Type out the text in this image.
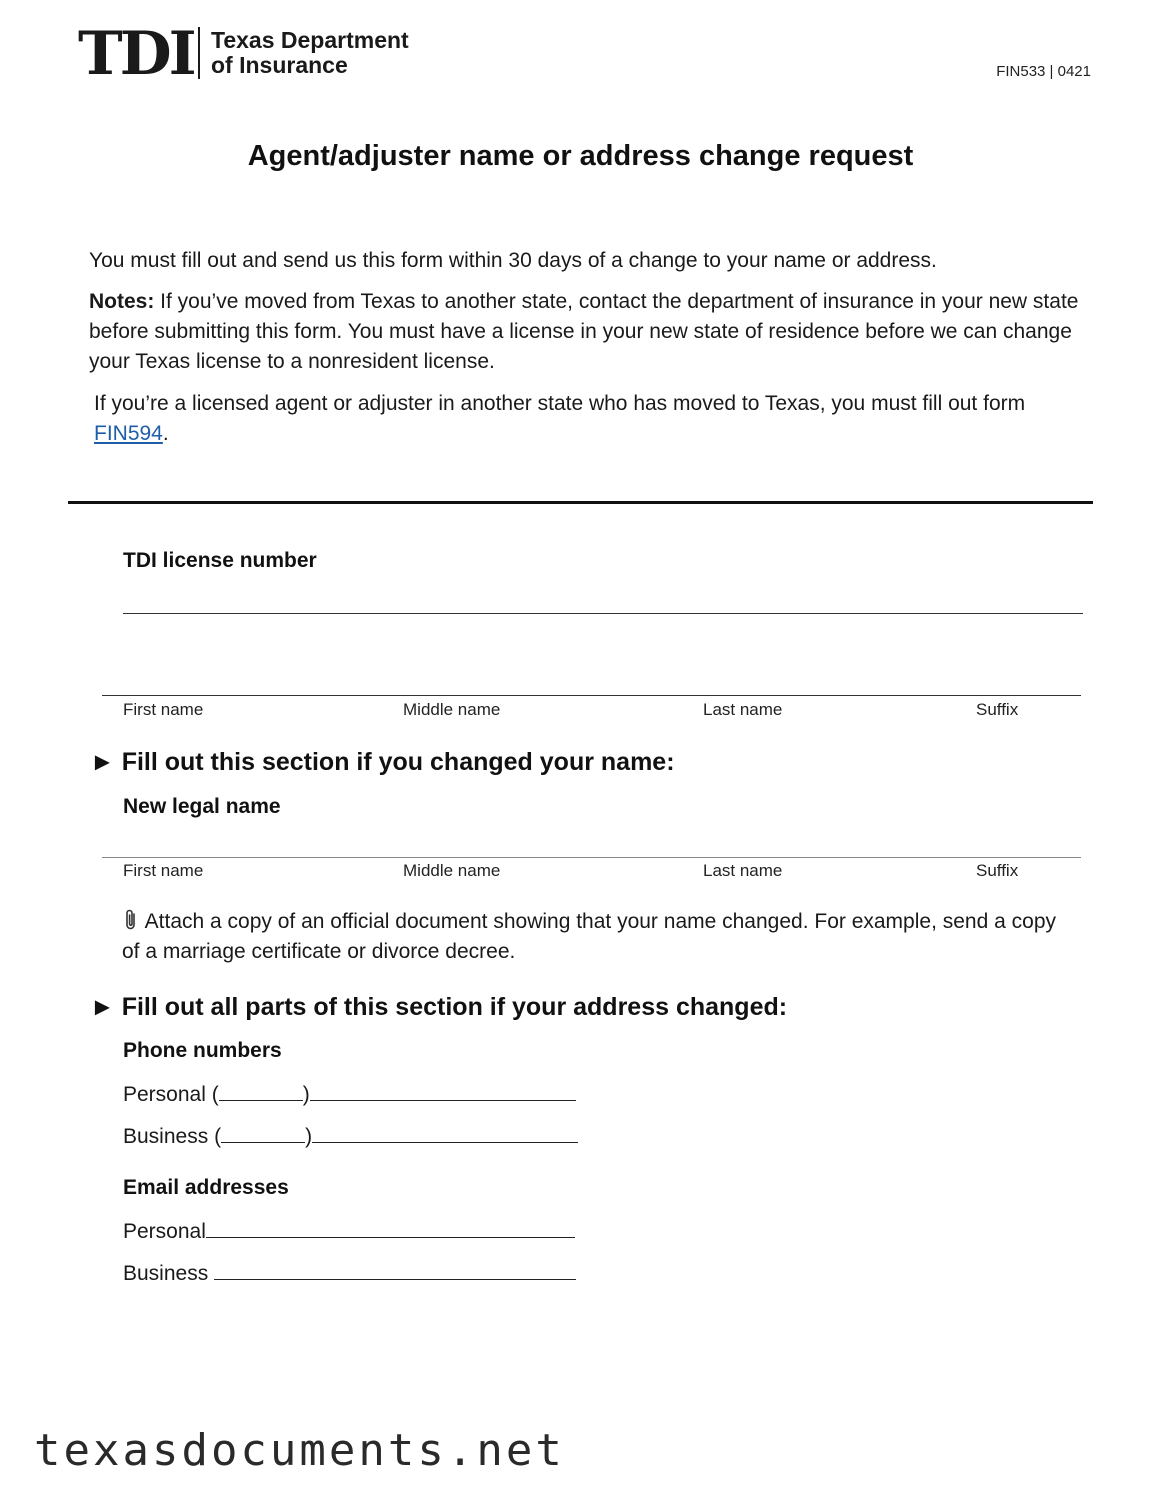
TDI Texas Department
of Insurance	FIN533 | 0421
Agent/adjuster name or address change request
You must fill out and send us this form within 30 days of a change to your name or address.
Notes: If you’ve moved from Texas to another state, contact the department of insurance in your new state before submitting this form. You must have a license in your new state of residence before we can change your Texas license to a nonresident license.
If you’re a licensed agent or adjuster in another state who has moved to Texas, you must fill out form FIN594.
TDI license number
First name	Middle name	Last name	Suffix
► Fill out this section if you changed your name:
New legal name
First name	Middle name	Last name	Suffix
Attach a copy of an official document showing that your name changed. For example, send a copy of a marriage certificate or divorce decree.
► Fill out all parts of this section if your address changed:
Phone numbers
Personal (	)
Business (	)
Email addresses
Personal
Business
texasdocuments.net
